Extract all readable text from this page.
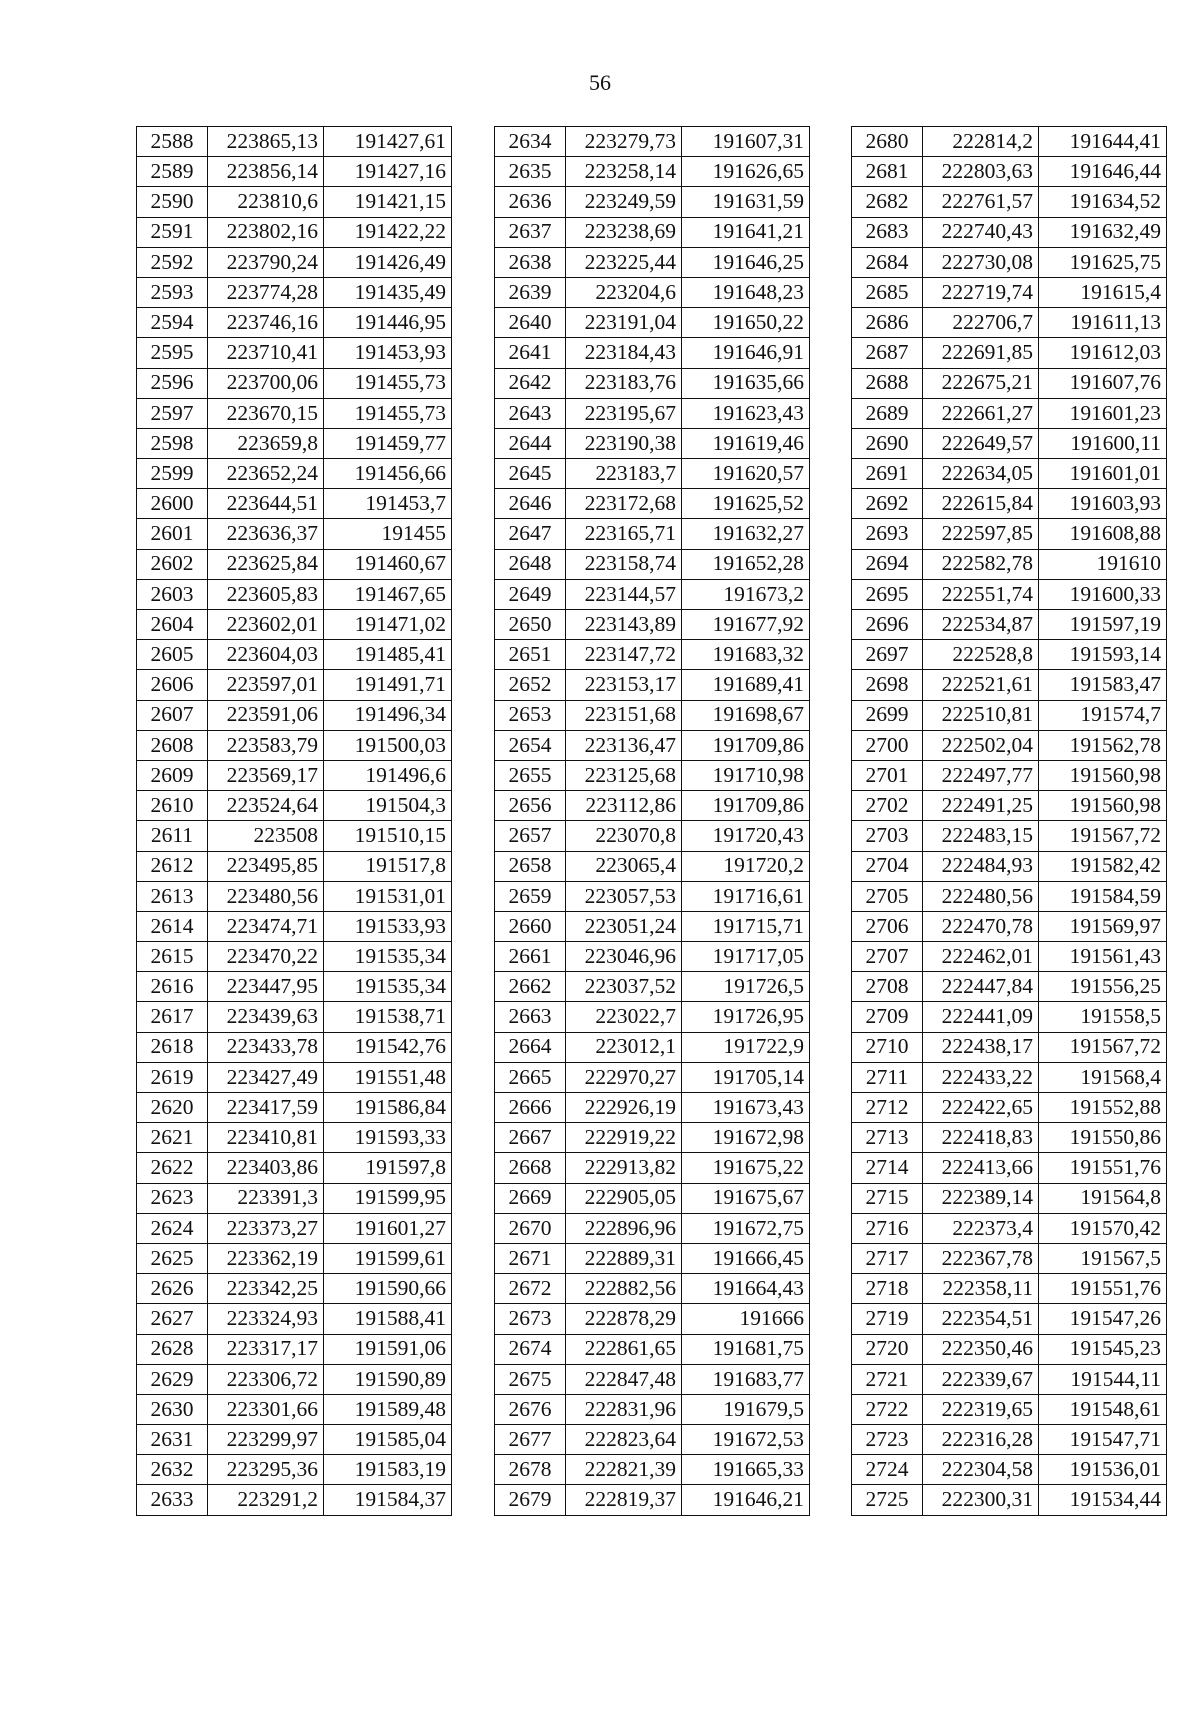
56
2588	223865,13	191427,61
2589	223856,14	191427,16
2590	223810,6	191421,15
2591	223802,16	191422,22
2592	223790,24	191426,49
2593	223774,28	191435,49
2594	223746,16	191446,95
2595	223710,41	191453,93
2596	223700,06	191455,73
2597	223670,15	191455,73
2598	223659,8	191459,77
2599	223652,24	191456,66
2600	223644,51	191453,7
2601	223636,37	191455
2602	223625,84	191460,67
2603	223605,83	191467,65
2604	223602,01	191471,02
2605	223604,03	191485,41
2606	223597,01	191491,71
2607	223591,06	191496,34
2608	223583,79	191500,03
2609	223569,17	191496,6
2610	223524,64	191504,3
2611	223508	191510,15
2612	223495,85	191517,8
2613	223480,56	191531,01
2614	223474,71	191533,93
2615	223470,22	191535,34
2616	223447,95	191535,34
2617	223439,63	191538,71
2618	223433,78	191542,76
2619	223427,49	191551,48
2620	223417,59	191586,84
2621	223410,81	191593,33
2622	223403,86	191597,8
2623	223391,3	191599,95
2624	223373,27	191601,27
2625	223362,19	191599,61
2626	223342,25	191590,66
2627	223324,93	191588,41
2628	223317,17	191591,06
2629	223306,72	191590,89
2630	223301,66	191589,48
2631	223299,97	191585,04
2632	223295,36	191583,19
2633	223291,2	191584,37
2634	223279,73	191607,31
2635	223258,14	191626,65
2636	223249,59	191631,59
2637	223238,69	191641,21
2638	223225,44	191646,25
2639	223204,6	191648,23
2640	223191,04	191650,22
2641	223184,43	191646,91
2642	223183,76	191635,66
2643	223195,67	191623,43
2644	223190,38	191619,46
2645	223183,7	191620,57
2646	223172,68	191625,52
2647	223165,71	191632,27
2648	223158,74	191652,28
2649	223144,57	191673,2
2650	223143,89	191677,92
2651	223147,72	191683,32
2652	223153,17	191689,41
2653	223151,68	191698,67
2654	223136,47	191709,86
2655	223125,68	191710,98
2656	223112,86	191709,86
2657	223070,8	191720,43
2658	223065,4	191720,2
2659	223057,53	191716,61
2660	223051,24	191715,71
2661	223046,96	191717,05
2662	223037,52	191726,5
2663	223022,7	191726,95
2664	223012,1	191722,9
2665	222970,27	191705,14
2666	222926,19	191673,43
2667	222919,22	191672,98
2668	222913,82	191675,22
2669	222905,05	191675,67
2670	222896,96	191672,75
2671	222889,31	191666,45
2672	222882,56	191664,43
2673	222878,29	191666
2674	222861,65	191681,75
2675	222847,48	191683,77
2676	222831,96	191679,5
2677	222823,64	191672,53
2678	222821,39	191665,33
2679	222819,37	191646,21
2680	222814,2	191644,41
2681	222803,63	191646,44
2682	222761,57	191634,52
2683	222740,43	191632,49
2684	222730,08	191625,75
2685	222719,74	191615,4
2686	222706,7	191611,13
2687	222691,85	191612,03
2688	222675,21	191607,76
2689	222661,27	191601,23
2690	222649,57	191600,11
2691	222634,05	191601,01
2692	222615,84	191603,93
2693	222597,85	191608,88
2694	222582,78	191610
2695	222551,74	191600,33
2696	222534,87	191597,19
2697	222528,8	191593,14
2698	222521,61	191583,47
2699	222510,81	191574,7
2700	222502,04	191562,78
2701	222497,77	191560,98
2702	222491,25	191560,98
2703	222483,15	191567,72
2704	222484,93	191582,42
2705	222480,56	191584,59
2706	222470,78	191569,97
2707	222462,01	191561,43
2708	222447,84	191556,25
2709	222441,09	191558,5
2710	222438,17	191567,72
2711	222433,22	191568,4
2712	222422,65	191552,88
2713	222418,83	191550,86
2714	222413,66	191551,76
2715	222389,14	191564,8
2716	222373,4	191570,42
2717	222367,78	191567,5
2718	222358,11	191551,76
2719	222354,51	191547,26
2720	222350,46	191545,23
2721	222339,67	191544,11
2722	222319,65	191548,61
2723	222316,28	191547,71
2724	222304,58	191536,01
2725	222300,31	191534,44
